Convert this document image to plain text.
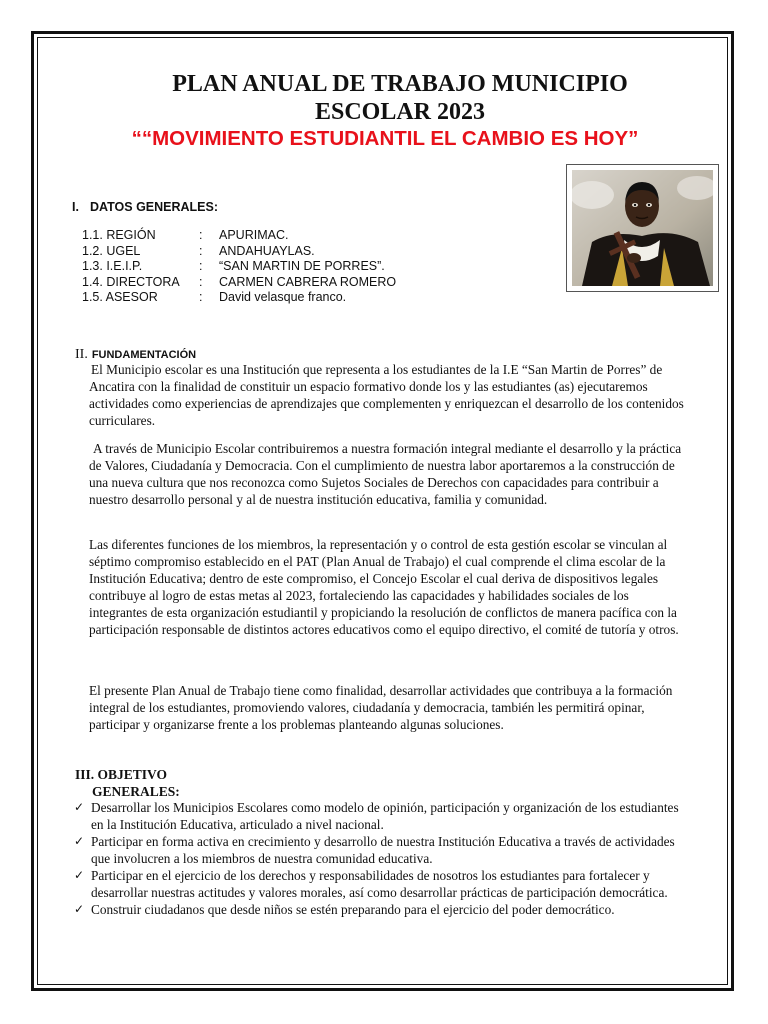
PLAN ANUAL DE TRABAJO MUNICIPIO ESCOLAR 2023
““MOVIMIENTO ESTUDIANTIL EL CAMBIO ES HOY”
I. DATOS GENERALES:
1.1. REGIÓN	:	APURIMAC.
1.2. UGEL	:	ANDAHUAYLAS.
1.3. I.E.I.P.	:	“SAN MARTIN DE PORRES”.
1.4. DIRECTORA	:	CARMEN CABRERA ROMERO
1.5. ASESOR	:	David velasque franco.
II. FUNDAMENTACIÓN
El Municipio escolar es una Institución que representa a los estudiantes de la I.E “San Martin de Porres” de Ancatira con la finalidad de constituir un espacio formativo donde los y las estudiantes (as) ejecutaremos actividades como experiencias de aprendizajes que complementen y enriquezcan el desarrollo de los contenidos curriculares.
A través de Municipio Escolar contribuiremos a nuestra formación integral mediante el desarrollo y la práctica de Valores, Ciudadanía y Democracia. Con el cumplimiento de nuestra labor aportaremos a la construcción de una nueva cultura que nos reconozca como Sujetos Sociales de Derechos con capacidades para contribuir a nuestro desarrollo personal y al de nuestra institución educativa, familia y comunidad.
Las diferentes funciones de los miembros, la representación y o control de esta gestión escolar se vinculan al séptimo compromiso establecido en el PAT (Plan Anual de Trabajo) el cual comprende el clima escolar de la Institución Educativa; dentro de este compromiso, el Concejo Escolar el cual deriva de dispositivos legales contribuye al logro de estas metas al 2023, fortaleciendo las capacidades y habilidades sociales de los integrantes de esta organización estudiantil y propiciando la resolución de conflictos de manera pacífica con la participación responsable de distintos actores educativos como el equipo directivo, el comité de tutoría y otros.
El presente Plan Anual de Trabajo tiene como finalidad, desarrollar actividades que contribuya a la formación integral de los estudiantes, promoviendo valores, ciudadanía y democracia, también les permitirá opinar, participar y organizarse frente a los problemas planteando algunas soluciones.
III. OBJETIVO
GENERALES:
✓ Desarrollar los Municipios Escolares como modelo de opinión, participación y organización de los estudiantes en la Institución Educativa, articulado a nivel nacional.
✓ Participar en forma activa en crecimiento y desarrollo de nuestra Institución Educativa a través de actividades que involucren a los miembros de nuestra comunidad educativa.
✓ Participar en el ejercicio de los derechos y responsabilidades de nosotros los estudiantes para fortalecer y desarrollar nuestras actitudes y valores morales, así como desarrollar prácticas de participación democrática.
✓ Construir ciudadanos que desde niños se estén preparando para el ejercicio del poder democrático.
